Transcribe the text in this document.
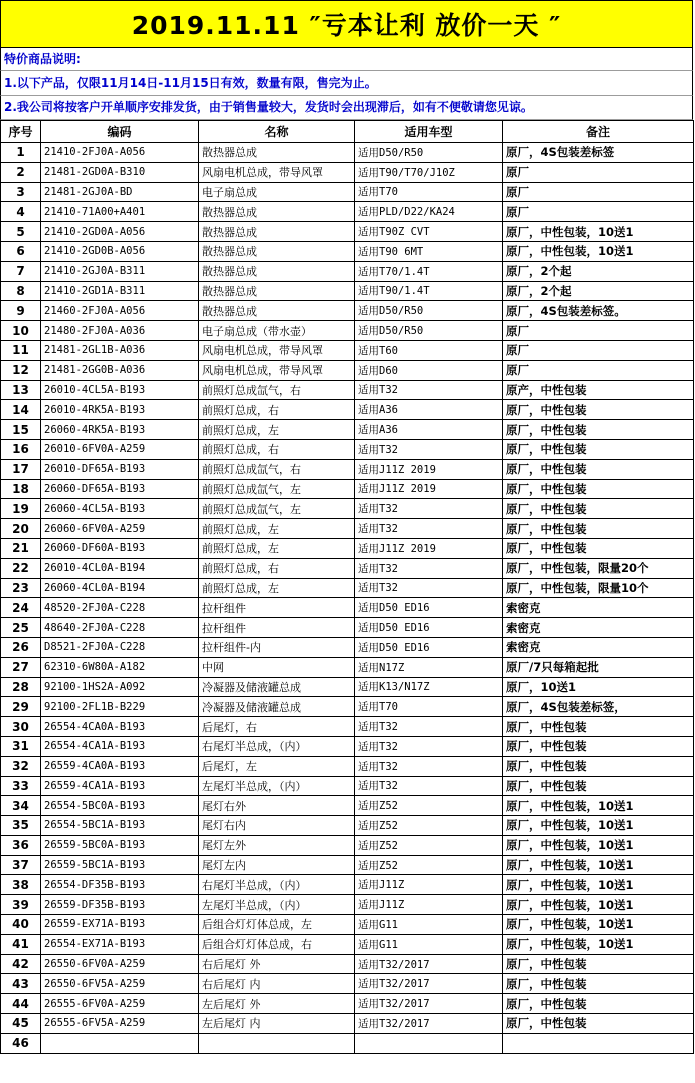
2019.11.11 ″亏本让利 放价一天 ″
特价商品说明:
1.以下产品，仅限11月14日-11月15日有效，数量有限，售完为止。
2.我公司将按客户开单顺序安排发货，由于销售量较大，发货时会出现滞后，如有不便敬请您见谅。
序号	编码	名称	适用车型	备注
1	21410-2FJ0A-A056	散热器总成	适用D50/R50	原厂，4S包装差标签
2	21481-2GD0A-B310	风扇电机总成，带导风罩	适用T90/T70/J10Z	原厂
3	21481-2GJ0A-BD	电子扇总成	适用T70	原厂
4	21410-71A00+A401	散热器总成	适用PLD/D22/KA24	原厂
5	21410-2GD0A-A056	散热器总成	适用T90Z CVT	原厂，中性包装，10送1
6	21410-2GD0B-A056	散热器总成	适用T90 6MT	原厂，中性包装，10送1
7	21410-2GJ0A-B311	散热器总成	适用T70/1.4T	原厂，2个起
8	21410-2GD1A-B311	散热器总成	适用T90/1.4T	原厂，2个起
9	21460-2FJ0A-A056	散热器总成	适用D50/R50	原厂，4S包装差标签。
10	21480-2FJ0A-A036	电子扇总成（带水壶）	适用D50/R50	原厂
11	21481-2GL1B-A036	风扇电机总成，带导风罩	适用T60	原厂
12	21481-2GG0B-A036	风扇电机总成，带导风罩	适用D60	原厂
13	26010-4CL5A-B193	前照灯总成氙气，右	适用T32	原产，中性包装
14	26010-4RK5A-B193	前照灯总成，右	适用A36	原厂，中性包装
15	26060-4RK5A-B193	前照灯总成，左	适用A36	原厂，中性包装
16	26010-6FV0A-A259	前照灯总成，右	适用T32	原厂，中性包装
17	26010-DF65A-B193	前照灯总成氙气，右	适用J11Z 2019	原厂，中性包装
18	26060-DF65A-B193	前照灯总成氙气，左	适用J11Z 2019	原厂，中性包装
19	26060-4CL5A-B193	前照灯总成氙气，左	适用T32	原厂，中性包装
20	26060-6FV0A-A259	前照灯总成，左	适用T32	原厂，中性包装
21	26060-DF60A-B193	前照灯总成，左	适用J11Z 2019	原厂，中性包装
22	26010-4CL0A-B194	前照灯总成，右	适用T32	原厂，中性包装，限量20个
23	26060-4CL0A-B194	前照灯总成，左	适用T32	原厂，中性包装，限量10个
24	48520-2FJ0A-C228	拉杆组件	适用D50 ED16	索密克
25	48640-2FJ0A-C228	拉杆组件	适用D50 ED16	索密克
26	D8521-2FJ0A-C228	拉杆组件-内	适用D50 ED16	索密克
27	62310-6W80A-A182	中网	适用N17Z	原厂/7只每箱起批
28	92100-1HS2A-A092	冷凝器及储液罐总成	适用K13/N17Z	原厂，10送1
29	92100-2FL1B-B229	冷凝器及储液罐总成	适用T70	原厂，4S包装差标签，
30	26554-4CA0A-B193	后尾灯，右	适用T32	原厂，中性包装
31	26554-4CA1A-B193	右尾灯半总成，（内）	适用T32	原厂，中性包装
32	26559-4CA0A-B193	后尾灯，左	适用T32	原厂，中性包装
33	26559-4CA1A-B193	左尾灯半总成，（内）	适用T32	原厂，中性包装
34	26554-5BC0A-B193	尾灯右外	适用Z52	原厂，中性包装，10送1
35	26554-5BC1A-B193	尾灯右内	适用Z52	原厂，中性包装，10送1
36	26559-5BC0A-B193	尾灯左外	适用Z52	原厂，中性包装，10送1
37	26559-5BC1A-B193	尾灯左内	适用Z52	原厂，中性包装，10送1
38	26554-DF35B-B193	右尾灯半总成，（内）	适用J11Z	原厂，中性包装，10送1
39	26559-DF35B-B193	左尾灯半总成，（内）	适用J11Z	原厂，中性包装，10送1
40	26559-EX71A-B193	后组合灯灯体总成，左	适用G11	原厂，中性包装，10送1
41	26554-EX71A-B193	后组合灯灯体总成，右	适用G11	原厂，中性包装，10送1
42	26550-6FV0A-A259	右后尾灯 外	适用T32/2017	原厂，中性包装
43	26550-6FV5A-A259	右后尾灯 内	适用T32/2017	原厂，中性包装
44	26555-6FV0A-A259	左后尾灯 外	适用T32/2017	原厂，中性包装
45	26555-6FV5A-A259	左后尾灯 内	适用T32/2017	原厂，中性包装
46				
